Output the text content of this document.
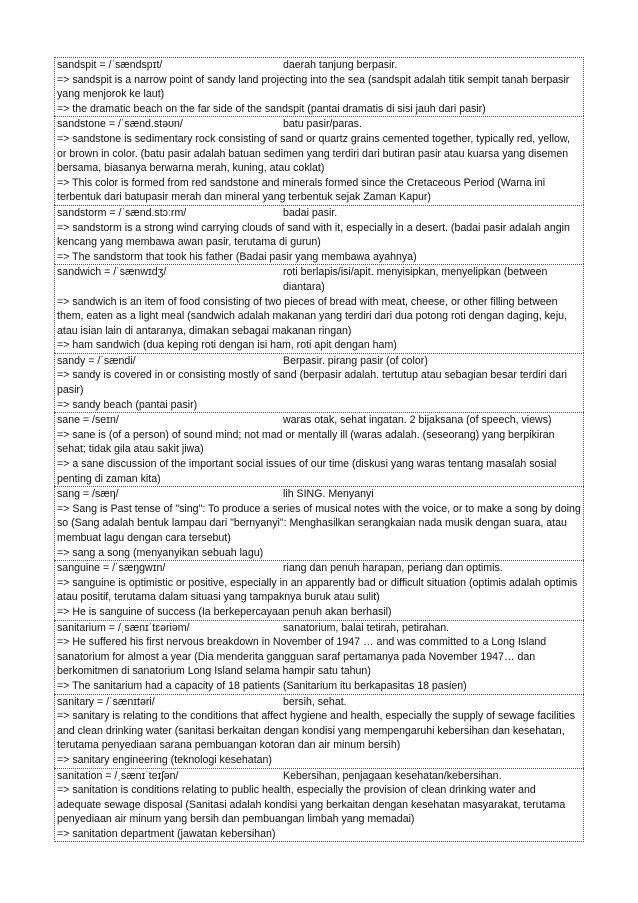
sandspit = /ˈsændspɪt/	daerah tanjung berpasir.
=> sandspit is a narrow point of sandy land projecting into the sea (sandspit adalah titik sempit tanah berpasir yang menjorok ke laut)
=> the dramatic beach on the far side of the sandspit (pantai dramatis di sisi jauh dari pasir)
sandstone = /ˈsænd.stəʊn/	batu pasir/paras.
=> sandstone is sedimentary rock consisting of sand or quartz grains cemented together, typically red, yellow, or brown in color. (batu pasir adalah batuan sedimen yang terdiri dari butiran pasir atau kuarsa yang disemen bersama, biasanya berwarna merah, kuning, atau coklat)
=> This color is formed from red sandstone and minerals formed since the Cretaceous Period (Warna ini terbentuk dari batupasir merah dan mineral yang terbentuk sejak Zaman Kapur)
sandstorm = /ˈsænd.stɔːrm/	badai pasir.
=> sandstorm is a strong wind carrying clouds of sand with it, especially in a desert. (badai pasir adalah angin kencang yang membawa awan pasir, terutama di gurun)
=> The sandstorm that took his father (Badai pasir yang membawa ayahnya)
sandwich = /ˈsænwɪdʒ/	roti berlapis/isi/apit. menyisipkan, menyelipkan (between diantara)
=> sandwich is an item of food consisting of two pieces of bread with meat, cheese, or other filling between them, eaten as a light meal (sandwich adalah makanan yang terdiri dari dua potong roti dengan daging, keju, atau isian lain di antaranya, dimakan sebagai makanan ringan)
=> ham sandwich (dua keping roti dengan isi ham, roti apit dengan ham)
sandy = /ˈsændi/	Berpasir. pirang pasir (of color)
=> sandy is covered in or consisting mostly of sand (berpasir adalah. tertutup atau sebagian besar terdiri dari pasir)
=> sandy beach (pantai pasir)
sane = /seɪn/	waras otak, sehat ingatan. 2 bijaksana (of speech, views)
=> sane is (of a person) of sound mind; not mad or mentally ill (waras adalah. (seseorang) yang berpikiran sehat; tidak gila atau sakit jiwa)
=> a sane discussion of the important social issues of our time (diskusi yang waras tentang masalah sosial penting di zaman kita)
sang = /sæŋ/	lih SING. Menyanyi
=> Sang is Past tense of "sing": To produce a series of musical notes with the voice, or to make a song by doing so (Sang adalah bentuk lampau dari "bernyanyi": Menghasilkan serangkaian nada musik dengan suara, atau membuat lagu dengan cara tersebut)
=> sang a song (menyanyikan sebuah lagu)
sanguine = /ˈsæŋɡwɪn/	riang dan penuh harapan, periang dan optimis.
=> sanguine is optimistic or positive, especially in an apparently bad or difficult situation (optimis adalah optimis atau positif, terutama dalam situasi yang tampaknya buruk atau sulit)
=> He is sanguine of success (Ia berkepercayaan penuh akan berhasil)
sanitarium = /ˌsænɪˈtɛəriəm/	sanatorium, balai tetirah, petirahan.
=> He suffered his first nervous breakdown in November of 1947 … and was committed to a Long Island sanatorium for almost a year (Dia menderita gangguan saraf pertamanya pada November 1947… dan berkomitmen di sanatorium Long Island selama hampir satu tahun)
=> The sanitarium had a capacity of 18 patients (Sanitarium itu berkapasitas 18 pasien)
sanitary = /ˈsænɪtəri/	bersih, sehat.
=> sanitary is relating to the conditions that affect hygiene and health, especially the supply of sewage facilities and clean drinking water (sanitasi berkaitan dengan kondisi yang mempengaruhi kebersihan dan kesehatan, terutama penyediaan sarana pembuangan kotoran dan air minum bersih)
=> sanitary engineering (teknologi kesehatan)
sanitation = /ˌsænɪˈteɪʃən/	Kebersihan, penjagaan kesehatan/kebersihan.
=> sanitation is conditions relating to public health, especially the provision of clean drinking water and adequate sewage disposal (Sanitasi adalah kondisi yang berkaitan dengan kesehatan masyarakat, terutama penyediaan air minum yang bersih dan pembuangan limbah yang memadai)
=> sanitation department (jawatan kebersihan)
